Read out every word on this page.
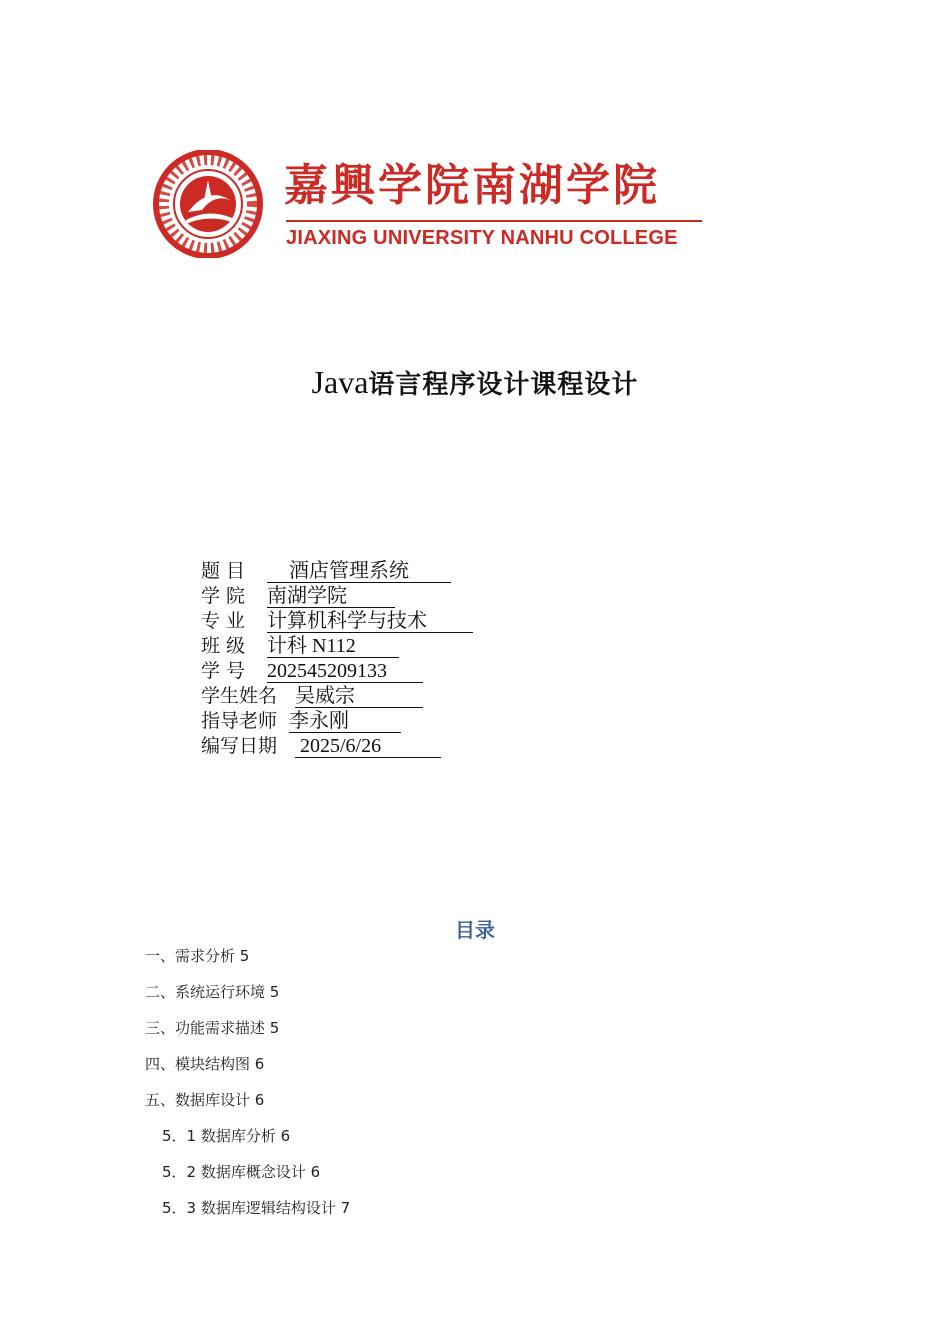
嘉興学院南湖学院
JIAXING UNIVERSITY NANHU COLLEGE
Java语言程序设计课程设计
题 目 酒店管理系统
学 院 南湖学院
专 业 计算机科学与技术
班 级 计科 N112
学 号 202545209133
学生姓名 吴威宗
指导老师 李永刚
编写日期 2025/6/26
目录
一、需求分析 5
二、系统运行环境 5
三、功能需求描述 5
四、模块结构图 6
五、数据库设计 6
5．1 数据库分析 6
5．2 数据库概念设计 6
5．3 数据库逻辑结构设计 7
